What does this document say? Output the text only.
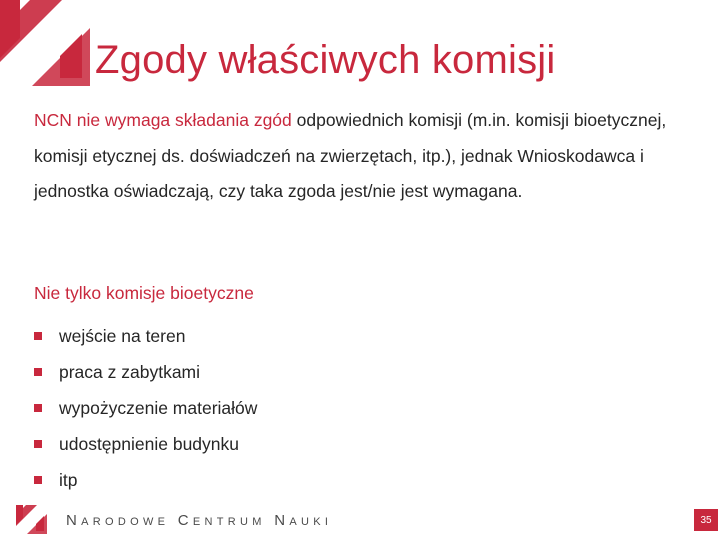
Zgody właściwych komisji
NCN nie wymaga składania zgód odpowiednich komisji (m.in. komisji bioetycznej, komisji etycznej ds. doświadczeń na zwierzętach, itp.), jednak Wnioskodawca i jednostka oświadczają, czy taka zgoda jest/nie jest wymagana.
Nie tylko komisje bioetyczne
wejście na teren
praca z zabytkami
wypożyczenie materiałów
udostępnienie budynku
itp
Narodowe Centrum Nauki	35
